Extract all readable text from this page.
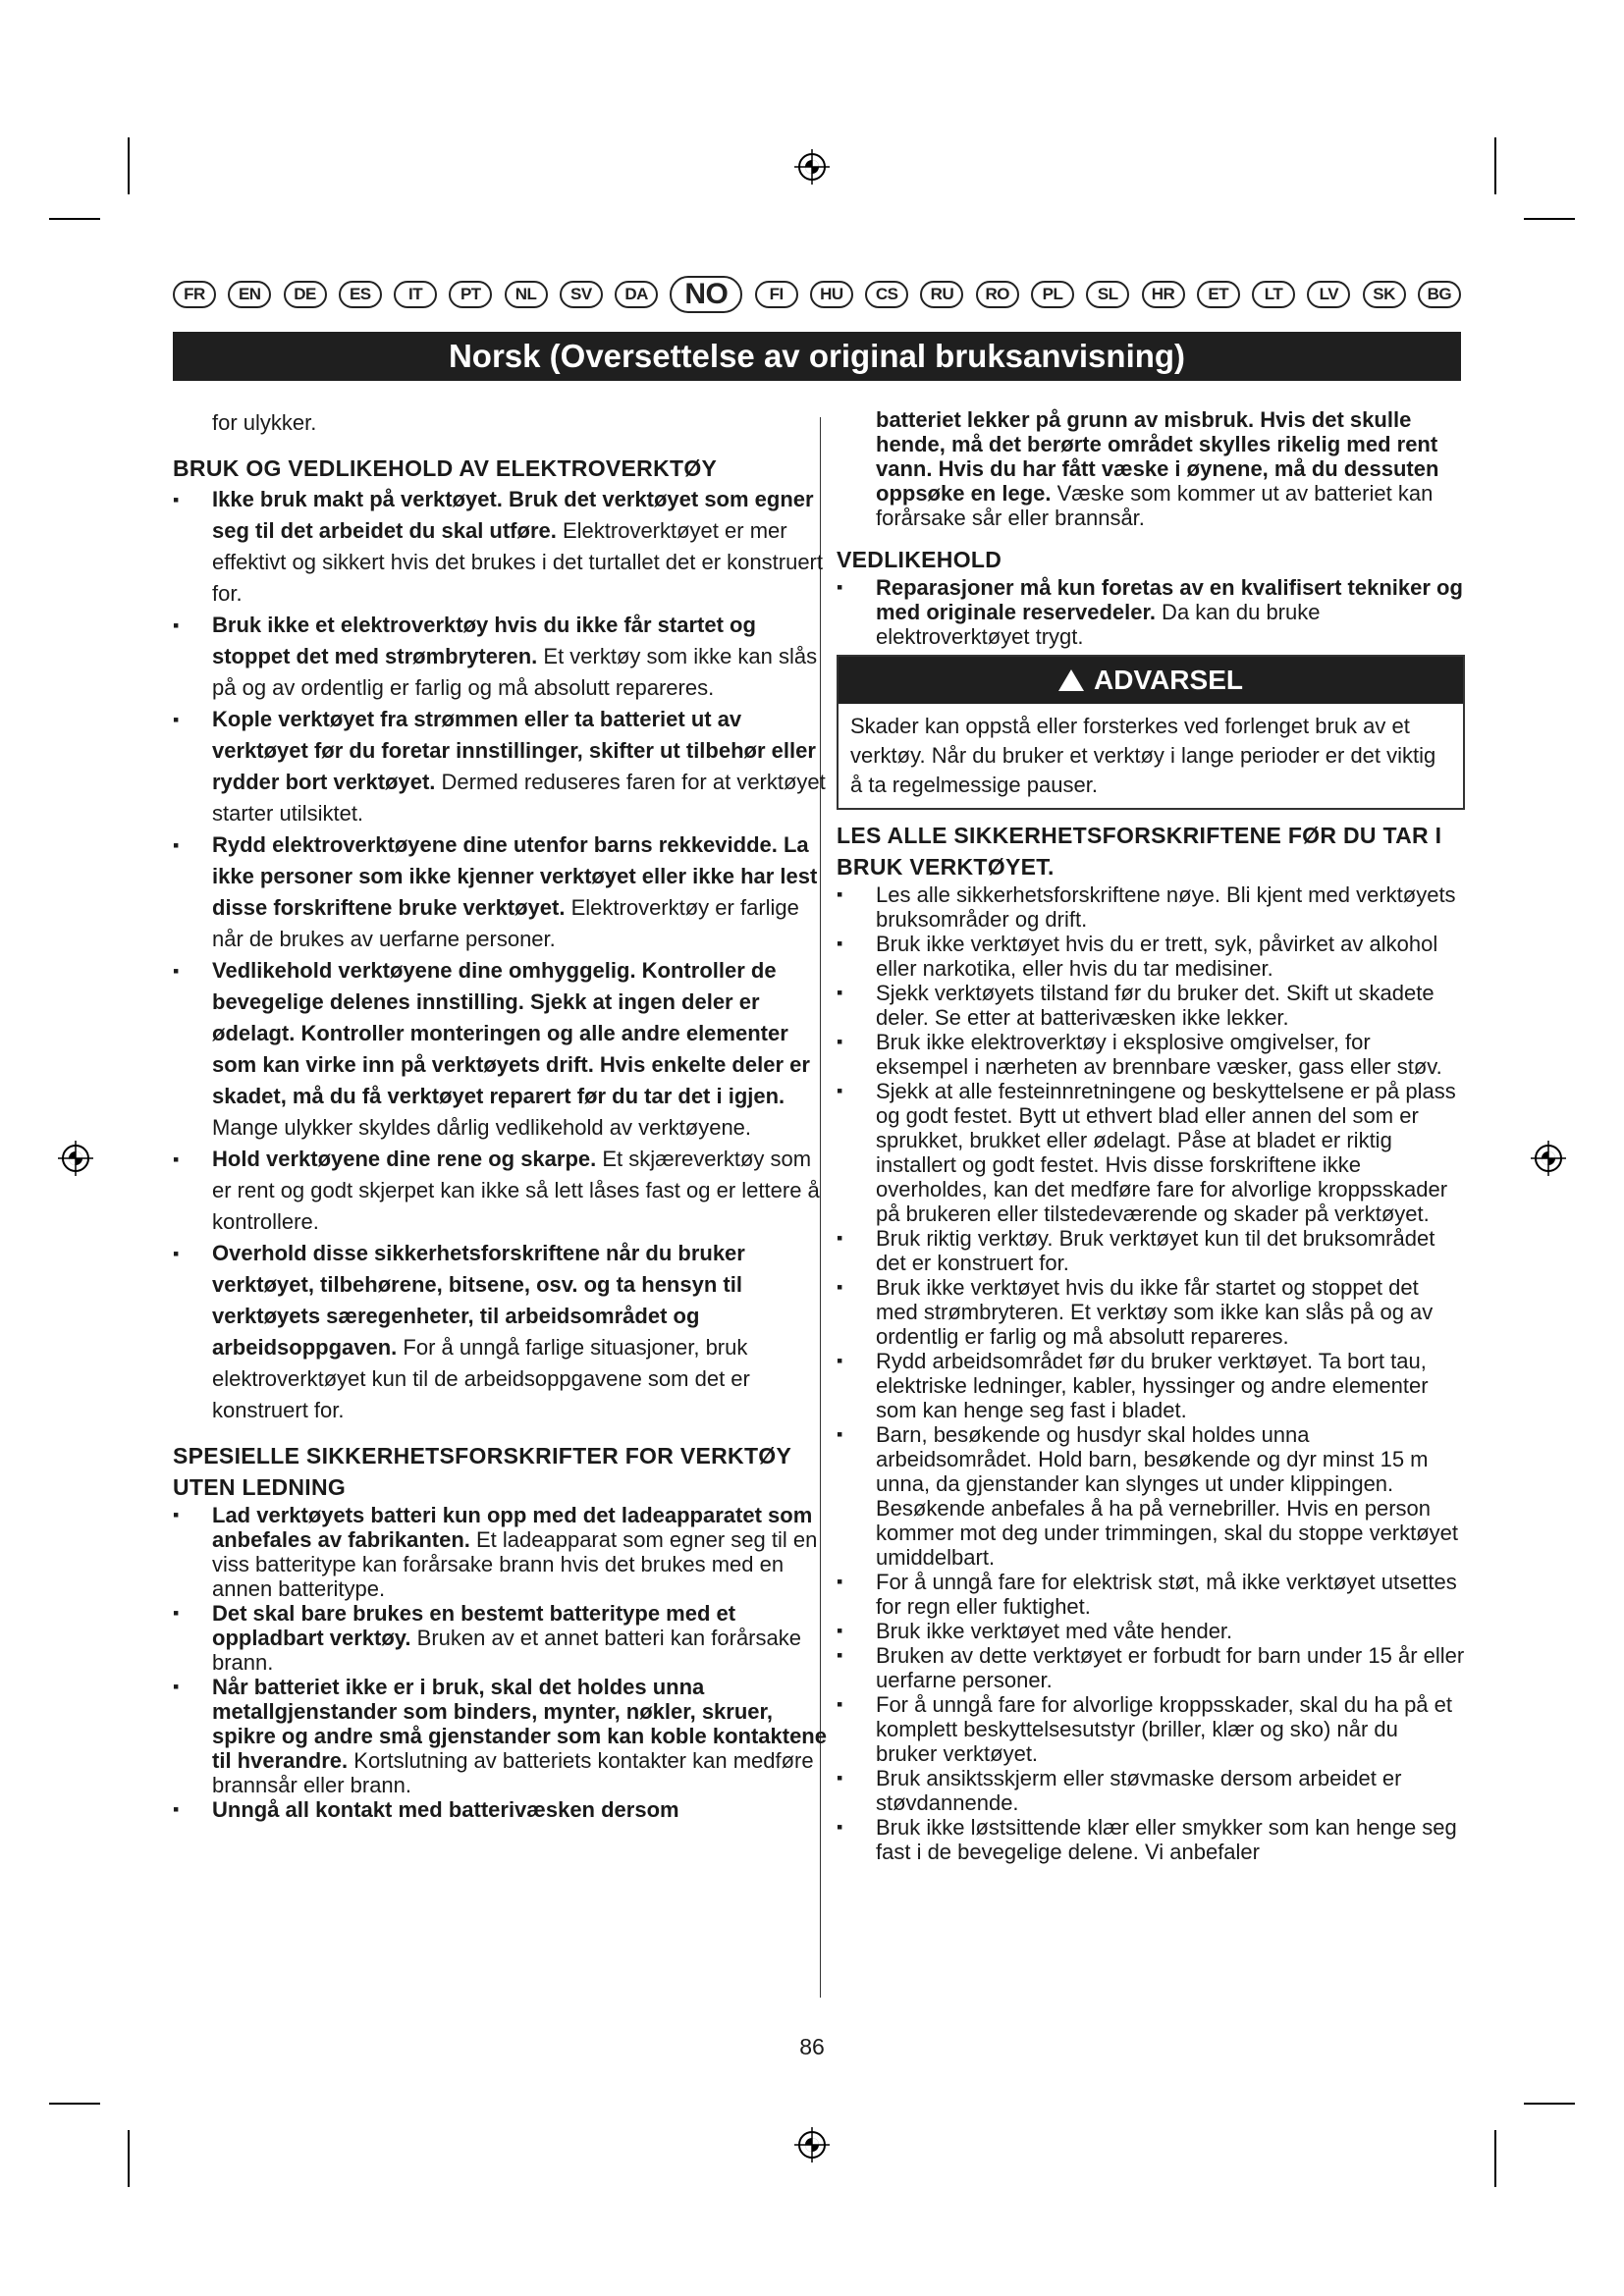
FR	EN	DE	ES	IT	PT	NL	SV	DA	NO	FI	HU	CS	RU	RO	PL	SL	HR	ET	LT	LV	SK	BG
Norsk (Oversettelse av original bruksanvisning)

for ulykker.

BRUK OG VEDLIKEHOLD AV ELEKTROVERKTØY

▪ Ikke bruk makt på verktøyet. Bruk det verktøyet som egner seg til det arbeidet du skal utføre. Elektroverktøyet er mer effektivt og sikkert hvis det brukes i det turtallet det er konstruert for.

▪ Bruk ikke et elektroverktøy hvis du ikke får startet og stoppet det med strømbryteren. Et verktøy som ikke kan slås på og av ordentlig er farlig og må absolutt repareres.

▪ Kople verktøyet fra strømmen eller ta batteriet ut av verktøyet før du foretar innstillinger, skifter ut tilbehør eller rydder bort verktøyet. Dermed reduseres faren for at verktøyet starter utilsiktet.

▪ Rydd elektroverktøyene dine utenfor barns rekkevidde. La ikke personer som ikke kjenner verktøyet eller ikke har lest disse forskriftene bruke verktøyet. Elektroverktøy er farlige når de brukes av uerfarne personer.

▪ Vedlikehold verktøyene dine omhyggelig. Kontroller de bevegelige delenes innstilling. Sjekk at ingen deler er ødelagt. Kontroller monteringen og alle andre elementer som kan virke inn på verktøyets drift. Hvis enkelte deler er skadet, må du få verktøyet reparert før du tar det i igjen. Mange ulykker skyldes dårlig vedlikehold av verktøyene.

▪ Hold verktøyene dine rene og skarpe. Et skjæreverktøy som er rent og godt skjerpet kan ikke så lett låses fast og er lettere å kontrollere.

▪ Overhold disse sikkerhetsforskriftene når du bruker verktøyet, tilbehørene, bitsene, osv. og ta hensyn til verktøyets særegenheter, til arbeidsområdet og arbeidsoppgaven. For å unngå farlige situasjoner, bruk elektroverktøyet kun til de arbeidsoppgavene som det er konstruert for.

SPESIELLE SIKKERHETSFORSKRIFTER FOR VERKTØY UTEN LEDNING

▪ Lad verktøyets batteri kun opp med det ladeapparatet som anbefales av fabrikanten. Et ladeapparat som egner seg til en viss batteritype kan forårsake brann hvis det brukes med en annen batteritype.

▪ Det skal bare brukes en bestemt batteritype med et oppladbart verktøy. Bruken av et annet batteri kan forårsake brann.

▪ Når batteriet ikke er i bruk, skal det holdes unna metallgjenstander som binders, mynter, nøkler, skruer, spikre og andre små gjenstander som kan koble kontaktene til hverandre. Kortslutning av batteriets kontakter kan medføre brannsår eller brann.

▪ Unngå all kontakt med batterivæsken dersom

batteriet lekker på grunn av misbruk. Hvis det skulle hende, må det berørte området skylles rikelig med rent vann. Hvis du har fått væske i øynene, må du dessuten oppsøke en lege. Væske som kommer ut av batteriet kan forårsake sår eller brannsår.

VEDLIKEHOLD

▪ Reparasjoner må kun foretas av en kvalifisert tekniker og med originale reservedeler. Da kan du bruke elektroverktøyet trygt.

ADVARSEL
Skader kan oppstå eller forsterkes ved forlenget bruk av et verktøy. Når du bruker et verktøy i lange perioder er det viktig å ta regelmessige pauser.

LES ALLE SIKKERHETSFORSKRIFTENE FØR DU TAR I BRUK VERKTØYET.

▪ Les alle sikkerhetsforskriftene nøye. Bli kjent med verktøyets bruksområder og drift.

▪ Bruk ikke verktøyet hvis du er trett, syk, påvirket av alkohol eller narkotika, eller hvis du tar medisiner.

▪ Sjekk verktøyets tilstand før du bruker det. Skift ut skadete deler. Se etter at batterivæsken ikke lekker.

▪ Bruk ikke elektroverktøy i eksplosive omgivelser, for eksempel i nærheten av brennbare væsker, gass eller støv.

▪ Sjekk at alle festeinnretningene og beskyttelsene er på plass og godt festet. Bytt ut ethvert blad eller annen del som er sprukket, brukket eller ødelagt. Påse at bladet er riktig installert og godt festet. Hvis disse forskriftene ikke overholdes, kan det medføre fare for alvorlige kroppsskader på brukeren eller tilstedeværende og skader på verktøyet.

▪ Bruk riktig verktøy. Bruk verktøyet kun til det bruksområdet det er konstruert for.

▪ Bruk ikke verktøyet hvis du ikke får startet og stoppet det med strømbryteren. Et verktøy som ikke kan slås på og av ordentlig er farlig og må absolutt repareres.

▪ Rydd arbeidsområdet før du bruker verktøyet. Ta bort tau, elektriske ledninger, kabler, hyssinger og andre elementer som kan henge seg fast i bladet.

▪ Barn, besøkende og husdyr skal holdes unna arbeidsområdet. Hold barn, besøkende og dyr minst 15 m unna, da gjenstander kan slynges ut under klippingen. Besøkende anbefales å ha på vernebriller. Hvis en person kommer mot deg under trimmingen, skal du stoppe verktøyet umiddelbart.

▪ For å unngå fare for elektrisk støt, må ikke verktøyet utsettes for regn eller fuktighet.

▪ Bruk ikke verktøyet med våte hender.

▪ Bruken av dette verktøyet er forbudt for barn under 15 år eller uerfarne personer.

▪ For å unngå fare for alvorlige kroppsskader, skal du ha på et komplett beskyttelsesutstyr (briller, klær og sko) når du bruker verktøyet.

▪ Bruk ansiktsskjerm eller støvmaske dersom arbeidet er støvdannende.

▪ Bruk ikke løstsittende klær eller smykker som kan henge seg fast i de bevegelige delene. Vi anbefaler

86
